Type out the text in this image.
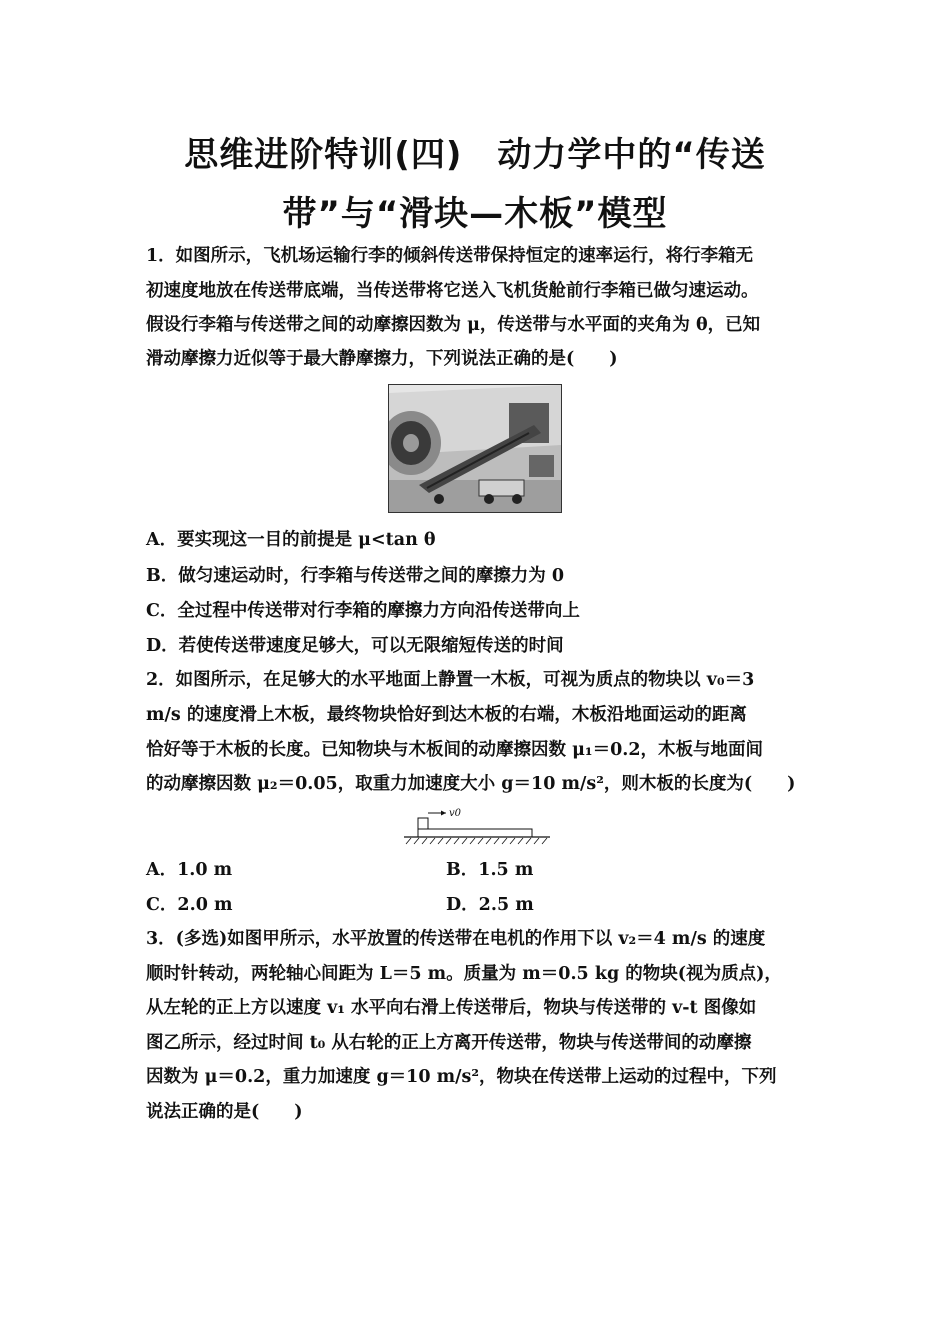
思维进阶特训(四)　动力学中的“传送
带”与“滑块—木板”模型
1．如图所示，飞机场运输行李的倾斜传送带保持恒定的速率运行，将行李箱无
初速度地放在传送带底端，当传送带将它送入飞机货舱前行李箱已做匀速运动。
假设行李箱与传送带之间的动摩擦因数为 μ，传送带与水平面的夹角为 θ，已知
滑动摩擦力近似等于最大静摩擦力，下列说法正确的是(　　)
A．要实现这一目的前提是 μ<tan θ
B．做匀速运动时，行李箱与传送带之间的摩擦力为 0
C．全过程中传送带对行李箱的摩擦力方向沿传送带向上
D．若使传送带速度足够大，可以无限缩短传送的时间
2．如图所示，在足够大的水平地面上静置一木板，可视为质点的物块以 v₀＝3
m/s 的速度滑上木板，最终物块恰好到达木板的右端，木板沿地面运动的距离
恰好等于木板的长度。已知物块与木板间的动摩擦因数 μ₁＝0.2，木板与地面间
的动摩擦因数 μ₂＝0.05，取重力加速度大小 g＝10 m/s²，则木板的长度为(　　)
v0
A．1.0 m	B．1.5 m
C．2.0 m	D．2.5 m
3．(多选)如图甲所示，水平放置的传送带在电机的作用下以 v₂＝4 m/s 的速度
顺时针转动，两轮轴心间距为 L＝5 m。质量为 m＝0.5 kg 的物块(视为质点)，
从左轮的正上方以速度 v₁ 水平向右滑上传送带后，物块与传送带的 v-t 图像如
图乙所示，经过时间 t₀ 从右轮的正上方离开传送带，物块与传送带间的动摩擦
因数为 μ＝0.2，重力加速度 g＝10 m/s²，物块在传送带上运动的过程中，下列
说法正确的是(　　)
